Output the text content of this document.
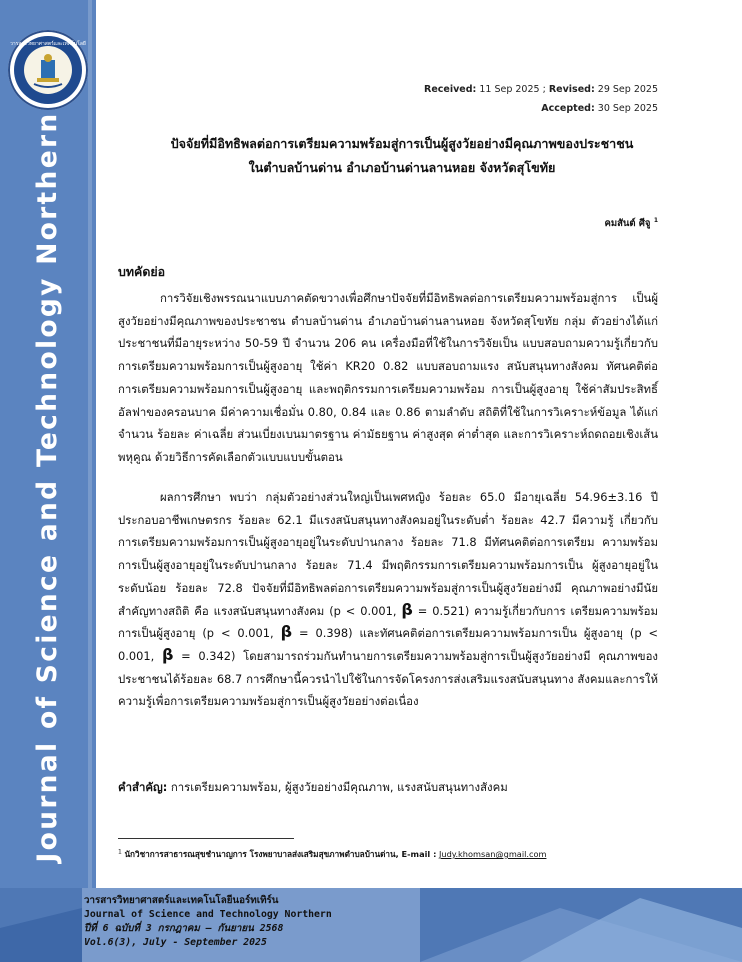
Journal of Science and Technology Northern
วารสารวิทยาศาสตร์และเทคโนโลยี
Received: 11 Sep 2025 ; Revised: 29 Sep 2025
Accepted: 30 Sep 2025
ปัจจัยที่มีอิทธิพลต่อการเตรียมความพร้อมสู่การเป็นผู้สูงวัยอย่างมีคุณภาพของประชาชน
ในตำบลบ้านด่าน อำเภอบ้านด่านลานหอย จังหวัดสุโขทัย
คมสันต์ ศีจู $^1$
บทคัดย่อ
การวิจัยเชิงพรรณนาแบบภาคตัดขวางเพื่อศึกษาปัจจัยที่มีอิทธิพลต่อการเตรียมความพร้อมสู่การ เป็นผู้สูงวัยอย่างมีคุณภาพของประชาชน ตำบลบ้านด่าน อำเภอบ้านด่านลานหอย จังหวัดสุโขทัย กลุ่ม ตัวอย่างได้แก่ประชาชนที่มีอายุระหว่าง 50-59 ปี จำนวน 206 คน เครื่องมือที่ใช้ในการวิจัยเป็น แบบสอบถามความรู้เกี่ยวกับการเตรียมความพร้อมการเป็นผู้สูงอายุ ใช้ค่า KR20 0.82 แบบสอบถามแรง สนับสนุนทางสังคม ทัศนคติต่อการเตรียมความพร้อมการเป็นผู้สูงอายุ และพฤติกรรมการเตรียมความพร้อม การเป็นผู้สูงอายุ ใช้ค่าสัมประสิทธิ์อัลฟาของครอนบาค มีค่าความเชื่อมั่น 0.80, 0.84 และ 0.86 ตามลำดับ สถิติที่ใช้ในการวิเคราะห์ข้อมูล ได้แก่ จำนวน ร้อยละ ค่าเฉลี่ย ส่วนเบี่ยงเบนมาตรฐาน ค่ามัธยฐาน ค่าสูงสุด ค่าต่ำสุด และการวิเคราะห์ถดถอยเชิงเส้นพหุคูณ ด้วยวิธีการคัดเลือกตัวแบบแบบขั้นตอน
ผลการศึกษา พบว่า กลุ่มตัวอย่างส่วนใหญ่เป็นเพศหญิง ร้อยละ 65.0 มีอายุเฉลี่ย 54.96±3.16 ปี ประกอบอาชีพเกษตรกร ร้อยละ 62.1 มีแรงสนับสนุนทางสังคมอยู่ในระดับต่ำ ร้อยละ 42.7 มีความรู้ เกี่ยวกับการเตรียมความพร้อมการเป็นผู้สูงอายุอยู่ในระดับปานกลาง ร้อยละ 71.8 มีทัศนคติต่อการเตรียม ความพร้อมการเป็นผู้สูงอายุอยู่ในระดับปานกลาง ร้อยละ 71.4 มีพฤติกรรมการเตรียมความพร้อมการเป็น ผู้สูงอายุอยู่ในระดับน้อย ร้อยละ 72.8 ปัจจัยที่มีอิทธิพลต่อการเตรียมความพร้อมสู่การเป็นผู้สูงวัยอย่างมี คุณภาพอย่างมีนัยสำคัญทางสถิติ คือ แรงสนับสนุนทางสังคม (p < 0.001, β = 0.521) ความรู้เกี่ยวกับการ เตรียมความพร้อมการเป็นผู้สูงอายุ (p < 0.001, β = 0.398) และทัศนคติต่อการเตรียมความพร้อมการเป็น ผู้สูงอายุ (p < 0.001, β = 0.342) โดยสามารถร่วมกันทำนายการเตรียมความพร้อมสู่การเป็นผู้สูงวัยอย่างมี คุณภาพของประชาชนได้ร้อยละ 68.7 การศึกษานี้ควรนำไปใช้ในการจัดโครงการส่งเสริมแรงสนับสนุนทาง สังคมและการให้ความรู้เพื่อการเตรียมความพร้อมสู่การเป็นผู้สูงวัยอย่างต่อเนื่อง
คำสำคัญ: การเตรียมความพร้อม, ผู้สูงวัยอย่างมีคุณภาพ, แรงสนับสนุนทางสังคม
$^1$ นักวิชาการสาธารณสุขชำนาญการ โรงพยาบาลส่งเสริมสุขภาพตำบลบ้านด่าน, E-mail : Judy.khomsan@gmail.com
วารสารวิทยาศาสตร์และเทคโนโลยีนอร์ทเทิร์น
Journal of Science and Technology Northern
ปีที่ 6 ฉบับที่ 3 กรกฎาคม – กันยายน 2568
Vol.6(3), July - September 2025
